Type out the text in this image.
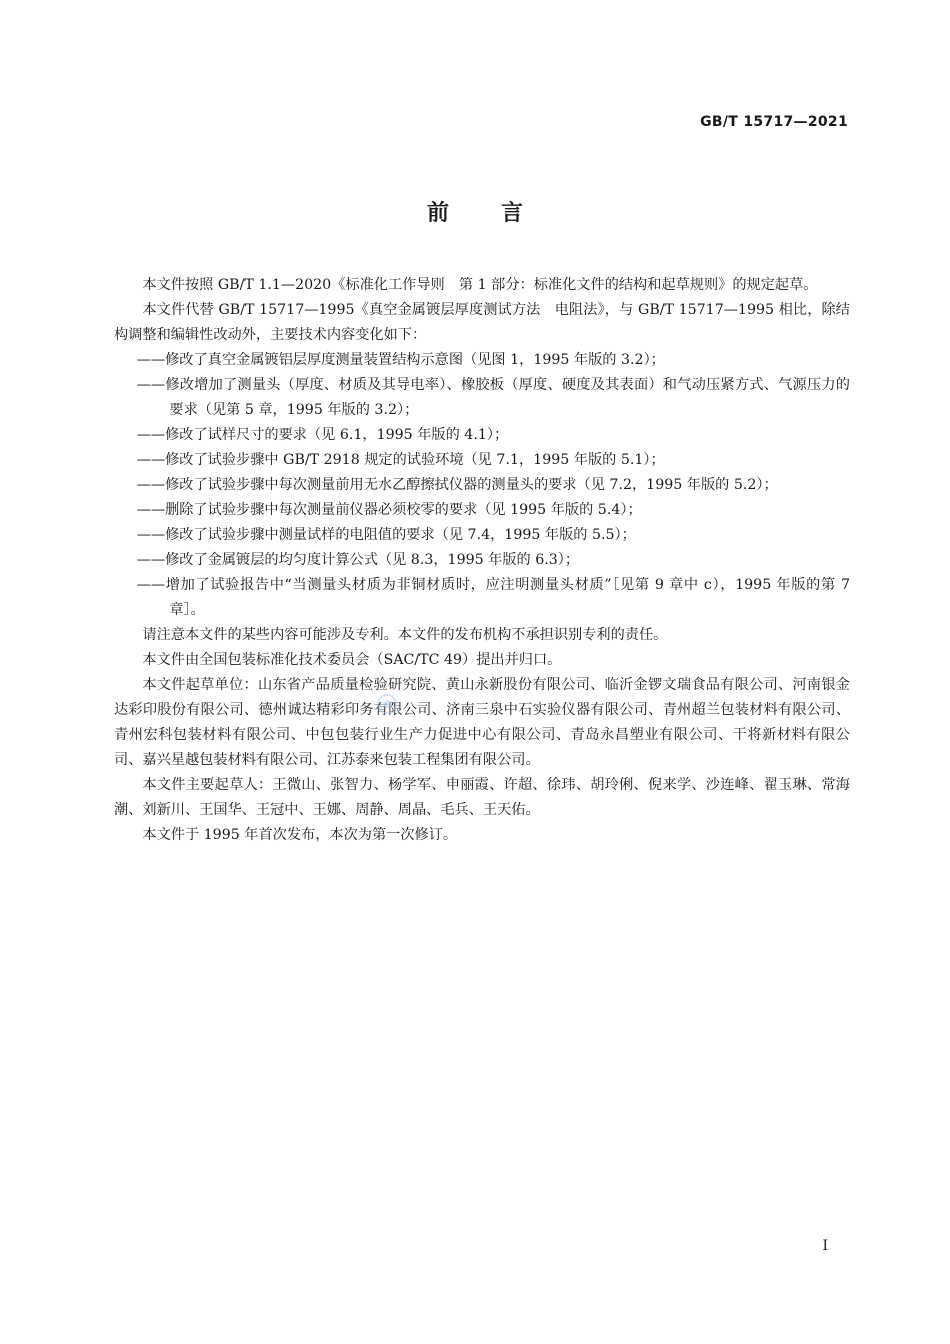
GB/T 15717—2021
前言

本文件按照 GB/T 1.1—2020《标准化工作导则　第 1 部分：标准化文件的结构和起草规则》的规定起草。

本文件代替 GB/T 15717—1995《真空金属镀层厚度测试方法　电阻法》，与 GB/T 15717—1995 相比，除结构调整和编辑性改动外，主要技术内容变化如下：

——修改了真空金属镀铝层厚度测量装置结构示意图（见图 1，1995 年版的 3.2）；

——修改增加了测量头（厚度、材质及其导电率）、橡胶板（厚度、硬度及其表面）和气动压紧方式、气源压力的要求（见第 5 章，1995 年版的 3.2）；

——修改了试样尺寸的要求（见 6.1，1995 年版的 4.1）；

——修改了试验步骤中 GB/T 2918 规定的试验环境（见 7.1，1995 年版的 5.1）；

——修改了试验步骤中每次测量前用无水乙醇擦拭仪器的测量头的要求（见 7.2，1995 年版的 5.2）；

——删除了试验步骤中每次测量前仪器必须校零的要求（见 1995 年版的 5.4）；

——修改了试验步骤中测量试样的电阻值的要求（见 7.4，1995 年版的 5.5）；

——修改了金属镀层的均匀度计算公式（见 8.3，1995 年版的 6.3）；

——增加了试验报告中“当测量头材质为非铜材质时，应注明测量头材质”［见第 9 章中 c），1995 年版的第 7 章］。

请注意本文件的某些内容可能涉及专利。本文件的发布机构不承担识别专利的责任。

本文件由全国包装标准化技术委员会（SAC/TC 49）提出并归口。

本文件起草单位：山东省产品质量检验研究院、黄山永新股份有限公司、临沂金锣文瑞食品有限公司、河南银金达彩印股份有限公司、德州诚达精彩印务有限公司、济南三泉中石实验仪器有限公司、青州超兰包装材料有限公司、青州宏科包装材料有限公司、中包包装行业生产力促进中心有限公司、青岛永昌塑业有限公司、干将新材料有限公司、嘉兴星越包装材料有限公司、江苏泰来包装工程集团有限公司。

本文件主要起草人：王微山、张智力、杨学军、申丽霞、许超、徐玮、胡玲俐、倪来学、沙连峰、翟玉琳、常海潮、刘新川、王国华、王冠中、王娜、周静、周晶、毛兵、王天佑。

本文件于 1995 年首次发布，本次为第一次修订。

I
